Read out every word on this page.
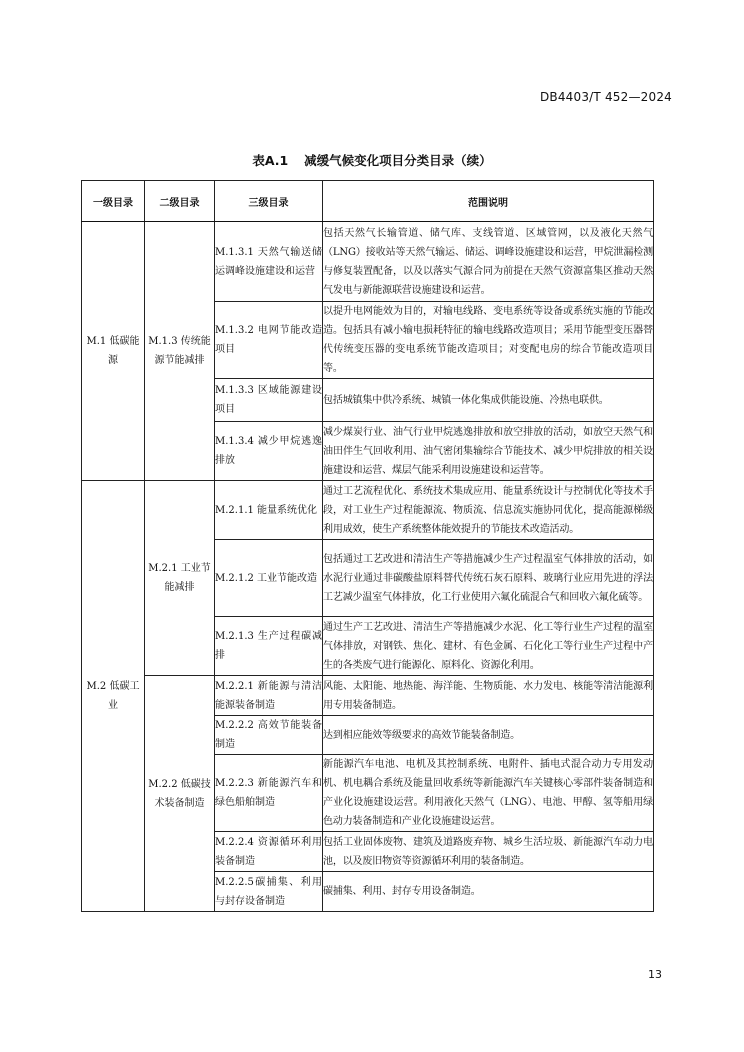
DB4403/T 452—2024
表A.1 减缓气候变化项目分类目录（续）
一级目录	二级目录	三级目录	范围说明
M.1 低碳能源	M.1.3 传统能源节能减排	M.1.3.1 天然气输送储运调峰设施建设和运营	包括天然气长输管道、储气库、支线管道、区域管网，以及液化天然气（LNG）接收站等天然气输运、储运、调峰设施建设和运营，甲烷泄漏检测与修复装置配备，以及以落实气源合同为前提在天然气资源富集区推动天然气发电与新能源联营设施建设和运营。
		M.1.3.2 电网节能改造项目	以提升电网能效为目的，对输电线路、变电系统等设备或系统实施的节能改造。包括具有减小输电损耗特征的输电线路改造项目；采用节能型变压器替代传统变压器的变电系统节能改造项目；对变配电房的综合节能改造项目等。
		M.1.3.3 区域能源建设项目	包括城镇集中供冷系统、城镇一体化集成供能设施、冷热电联供。
		M.1.3.4 减少甲烷逃逸排放	减少煤炭行业、油气行业甲烷逃逸排放和放空排放的活动，如放空天然气和油田伴生气回收利用、油气密闭集输综合节能技术、减少甲烷排放的相关设施建设和运营、煤层气能采利用设施建设和运营等。
M.2 低碳工业	M.2.1 工业节能减排	M.2.1.1 能量系统优化	通过工艺流程优化、系统技术集成应用、能量系统设计与控制优化等技术手段，对工业生产过程能源流、物质流、信息流实施协同优化，提高能源梯级利用成效，使生产系统整体能效提升的节能技术改造活动。
		M.2.1.2 工业节能改造	包括通过工艺改进和清洁生产等措施减少生产过程温室气体排放的活动，如水泥行业通过非碳酸盐原料替代传统石灰石原料、玻璃行业应用先进的浮法工艺减少温室气体排放，化工行业使用六氟化硫混合气和回收六氟化硫等。
		M.2.1.3 生产过程碳减排	通过生产工艺改进、清洁生产等措施减少水泥、化工等行业生产过程的温室气体排放，对钢铁、焦化、建材、有色金属、石化化工等行业生产过程中产生的各类废气进行能源化、原料化、资源化利用。
	M.2.2 低碳技术装备制造	M.2.2.1 新能源与清洁能源装备制造	风能、太阳能、地热能、海洋能、生物质能、水力发电、核能等清洁能源利用专用装备制造。
		M.2.2.2 高效节能装备制造	达到相应能效等级要求的高效节能装备制造。
		M.2.2.3 新能源汽车和绿色船舶制造	新能源汽车电池、电机及其控制系统、电附件、插电式混合动力专用发动机、机电耦合系统及能量回收系统等新能源汽车关键核心零部件装备制造和产业化设施建设运营。利用液化天然气（LNG）、电池、甲醇、氢等船用绿色动力装备制造和产业化设施建设运营。
		M.2.2.4 资源循环利用装备制造	包括工业固体废物、建筑及道路废弃物、城乡生活垃圾、新能源汽车动力电池，以及废旧物资等资源循环利用的装备制造。
		M.2.2.5碳捕集、利用与封存设备制造	碳捕集、利用、封存专用设备制造。
13
